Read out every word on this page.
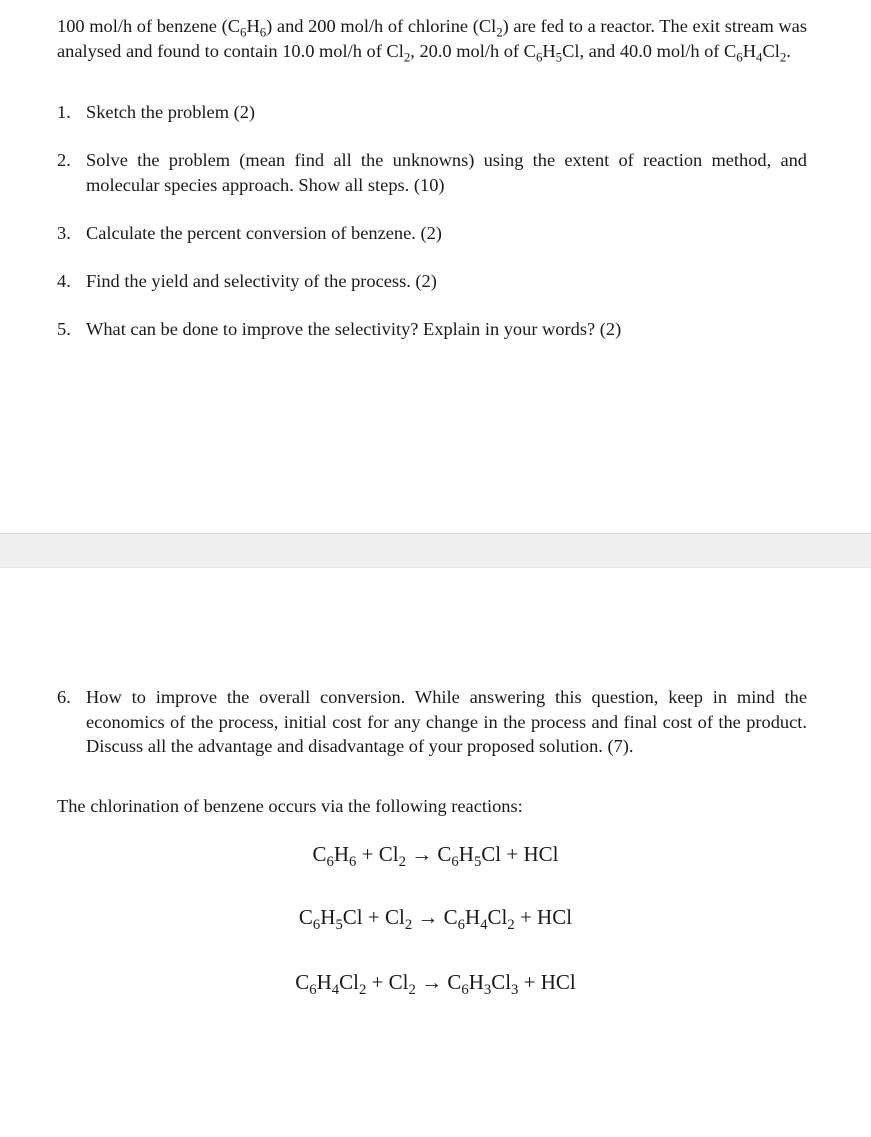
100 mol/h of benzene $(C_6H_6)$ and 200 mol/h of chlorine $(Cl_2)$ are fed to a reactor. The exit stream was analysed and found to contain 10.0 mol/h of $Cl_2$, 20.0 mol/h of $C_6H_5Cl$, and 40.0 mol/h of $C_6H_4Cl_2$.

1. Sketch the problem (2)
2. Solve the problem (mean find all the unknowns) using the extent of reaction method, and molecular species approach. Show all steps. (10)
3. Calculate the percent conversion of benzene. (2)
4. Find the yield and selectivity of the process. (2)
5. What can be done to improve the selectivity? Explain in your words? (2)
6. How to improve the overall conversion. While answering this question, keep in mind the economics of the process, initial cost for any change in the process and final cost of the product. Discuss all the advantage and disadvantage of your proposed solution. (7).
The chlorination of benzene occurs via the following reactions:
$C_6H_6 + Cl_2 \to C_6H_5Cl$ + HCl
$C_6H_5Cl + Cl_2 \to C_6H_4Cl_2$ + HCl
$C_6H_4Cl_2 + Cl_2 \to C_6H_3Cl_3$ + HCl
